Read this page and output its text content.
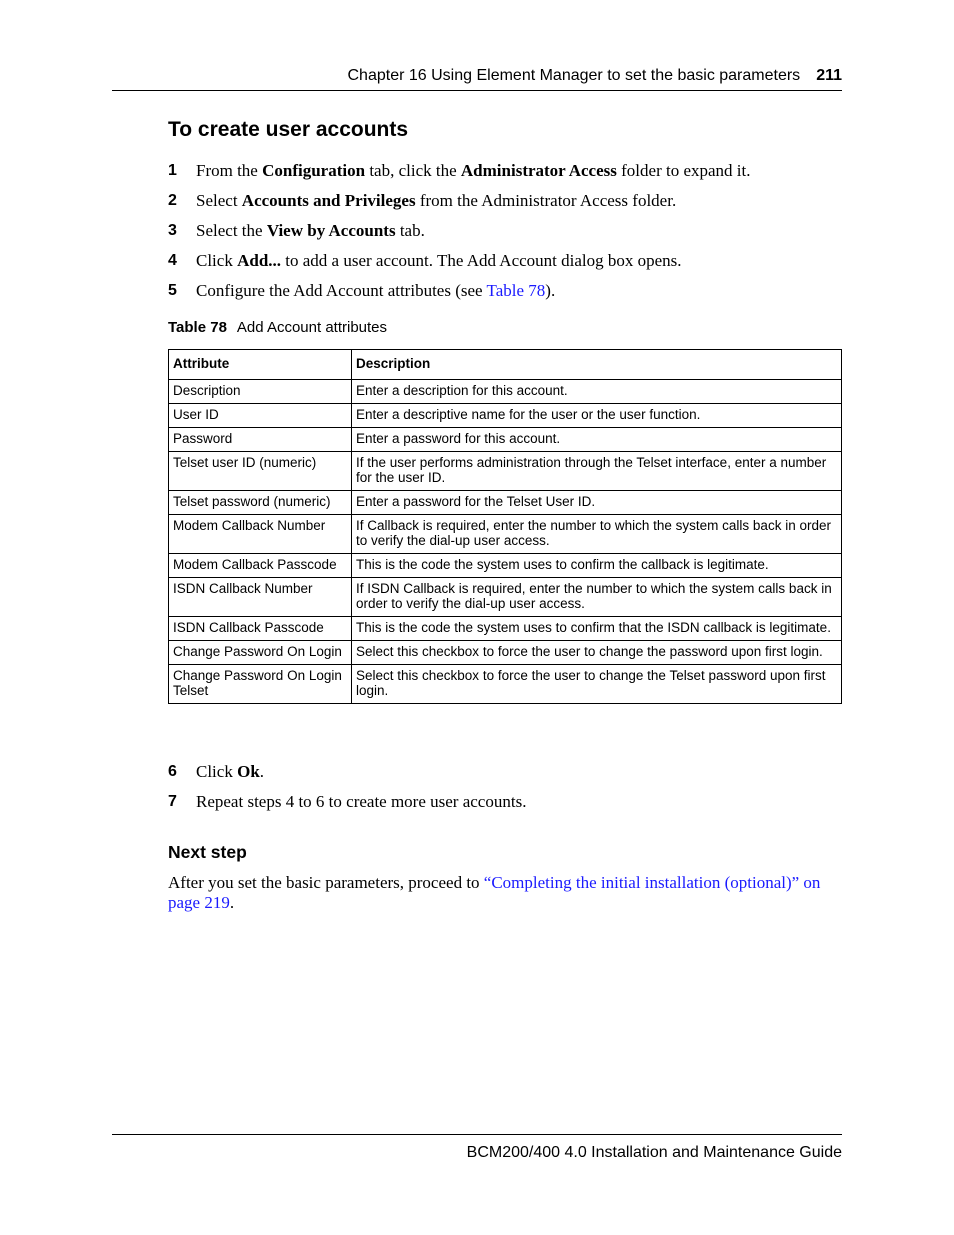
Chapter 16 Using Element Manager to set the basic parameters 211
To create user accounts
1 From the Configuration tab, click the Administrator Access folder to expand it.
2 Select Accounts and Privileges from the Administrator Access folder.
3 Select the View by Accounts tab.
4 Click Add... to add a user account. The Add Account dialog box opens.
5 Configure the Add Account attributes (see Table 78).
Table 78 Add Account attributes
Attribute	Description
Description	Enter a description for this account.
User ID	Enter a descriptive name for the user or the user function.
Password	Enter a password for this account.
Telset user ID (numeric)	If the user performs administration through the Telset interface, enter a number for the user ID.
Telset password (numeric)	Enter a password for the Telset User ID.
Modem Callback Number	If Callback is required, enter the number to which the system calls back in order to verify the dial-up user access.
Modem Callback Passcode	This is the code the system uses to confirm the callback is legitimate.
ISDN Callback Number	If ISDN Callback is required, enter the number to which the system calls back in order to verify the dial-up user access.
ISDN Callback Passcode	This is the code the system uses to confirm that the ISDN callback is legitimate.
Change Password On Login	Select this checkbox to force the user to change the password upon first login.
Change Password On Login Telset	Select this checkbox to force the user to change the Telset password upon first login.
6 Click Ok.
7 Repeat steps 4 to 6 to create more user accounts.
Next step
After you set the basic parameters, proceed to “Completing the initial installation (optional)” on page 219.
BCM200/400 4.0 Installation and Maintenance Guide
